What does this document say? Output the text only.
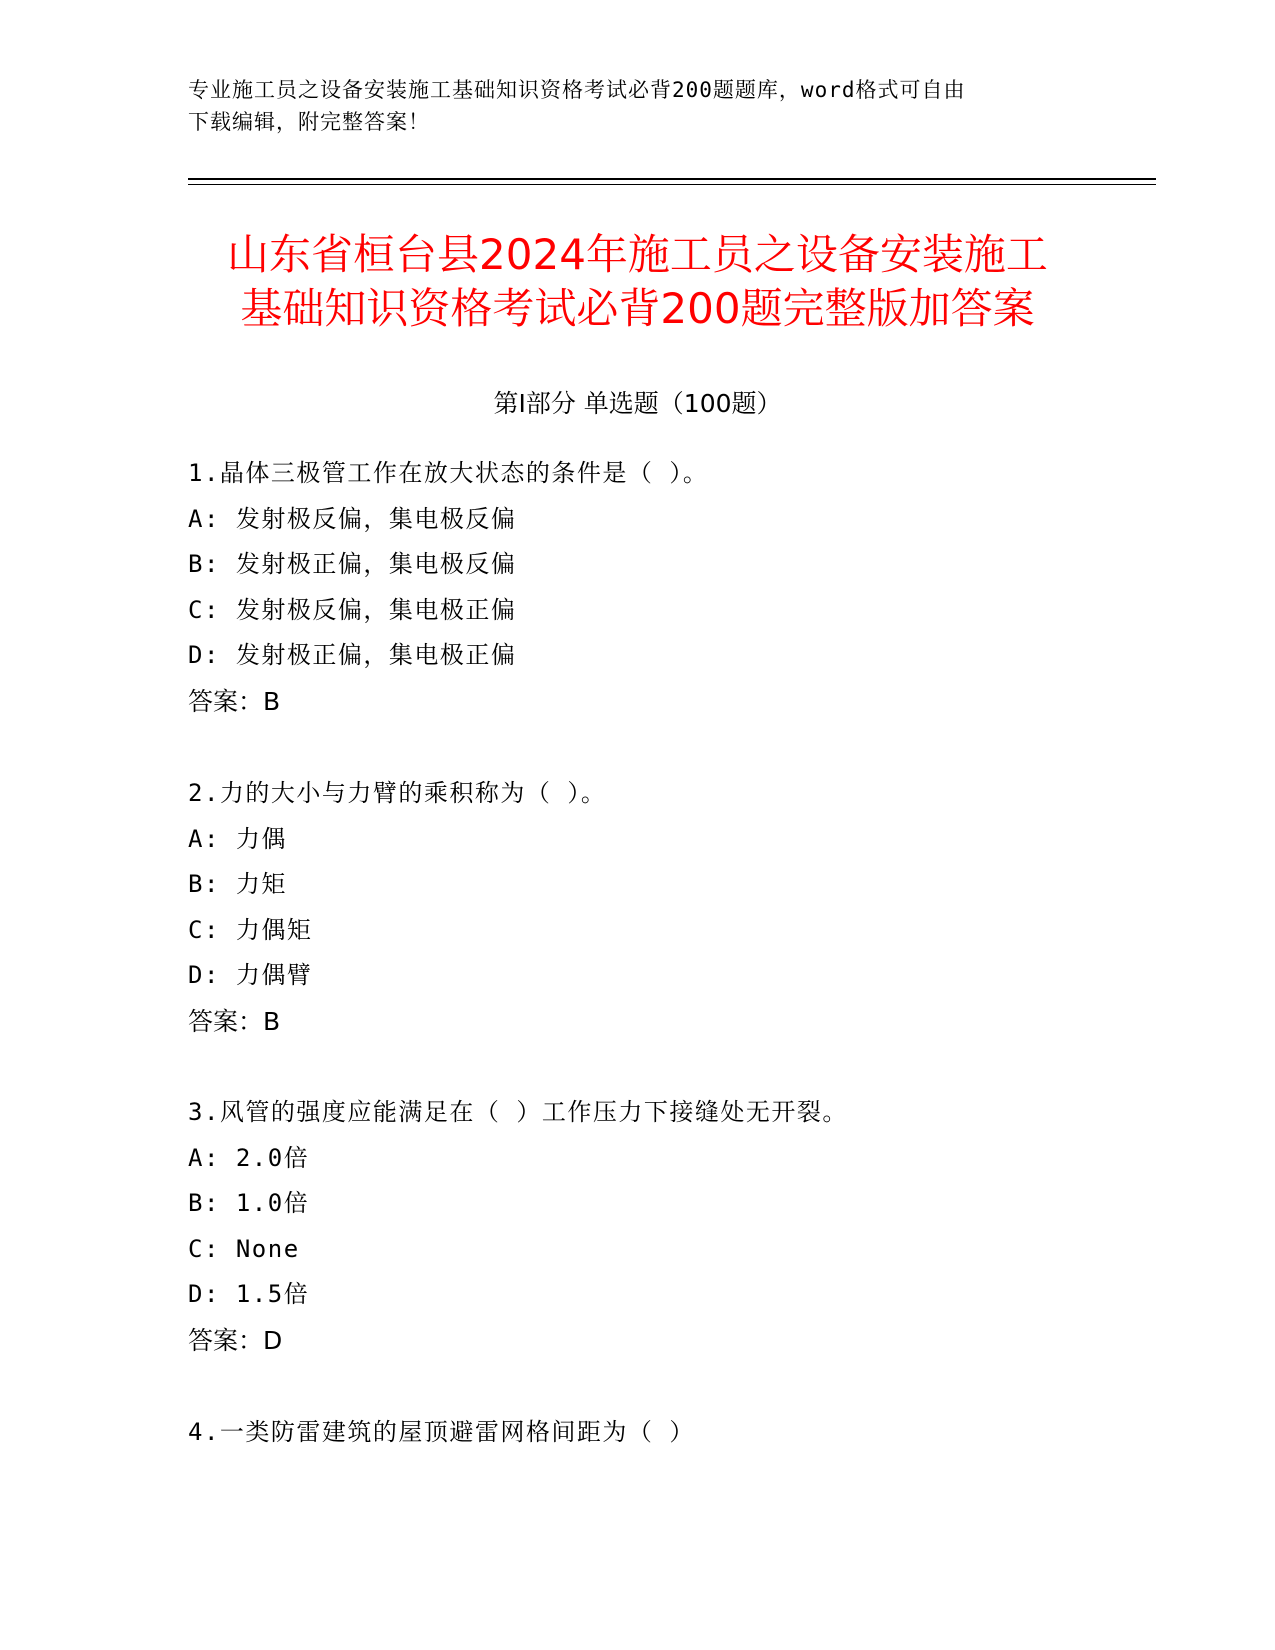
专业施工员之设备安装施工基础知识资格考试必背200题题库，word格式可自由
下载编辑，附完整答案！
山东省桓台县2024年施工员之设备安装施工
基础知识资格考试必背200题完整版加答案
第Ⅰ部分 单选题（100题）
1.晶体三极管工作在放大状态的条件是（ ）。
A: 发射极反偏，集电极反偏
B: 发射极正偏，集电极反偏
C: 发射极反偏，集电极正偏
D: 发射极正偏，集电极正偏
答案：B
2.力的大小与力臂的乘积称为（ ）。
A: 力偶
B: 力矩
C: 力偶矩
D: 力偶臂
答案：B
3.风管的强度应能满足在（ ）工作压力下接缝处无开裂。
A: 2.0倍
B: 1.0倍
C: None
D: 1.5倍
答案：D
4.一类防雷建筑的屋顶避雷网格间距为（ ）
